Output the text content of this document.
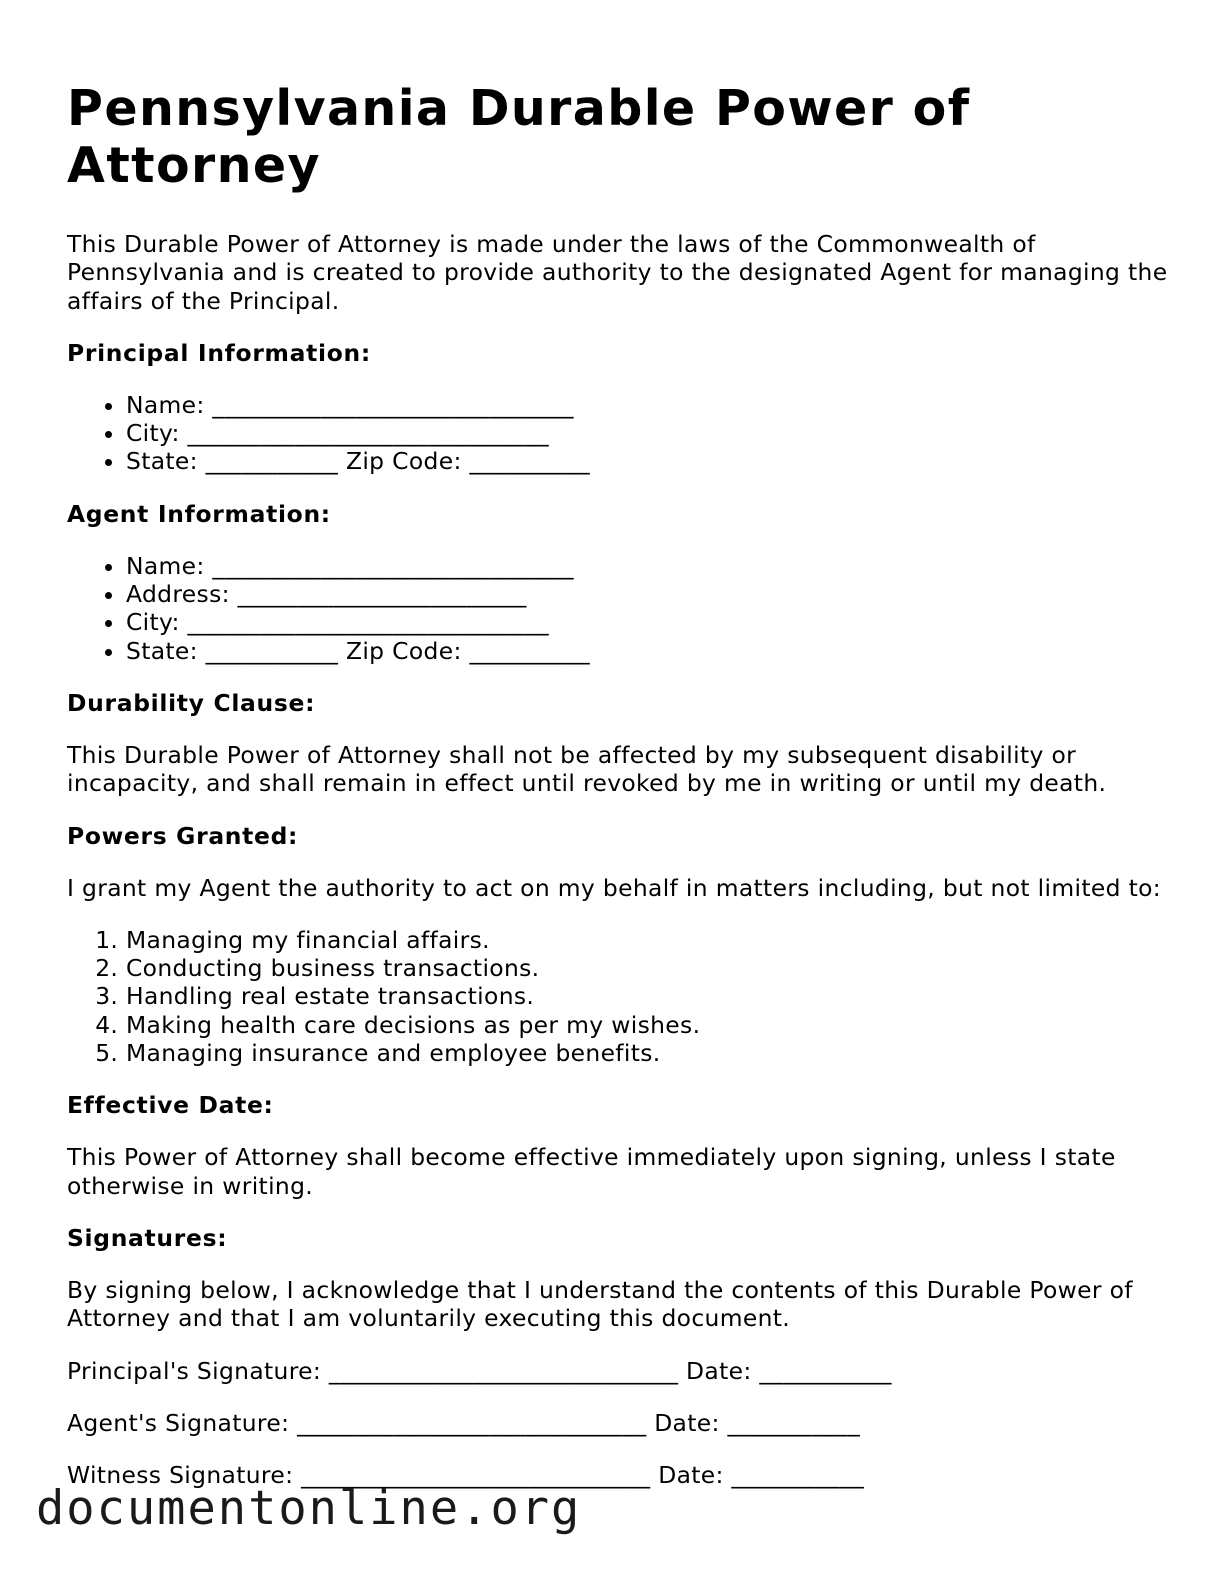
Pennsylvania Durable Power of Attorney

This Durable Power of Attorney is made under the laws of the Commonwealth of Pennsylvania and is created to provide authority to the designated Agent for managing the affairs of the Principal.

Principal Information:
• Name: ______________________________
• City: ______________________________
• State: ___________ Zip Code: __________
Agent Information:
• Name: ______________________________
• Address: ________________________
• City: ______________________________
• State: ___________ Zip Code: __________
Durability Clause:

This Durable Power of Attorney shall not be affected by my subsequent disability or incapacity, and shall remain in effect until revoked by me in writing or until my death.

Powers Granted:

I grant my Agent the authority to act on my behalf in matters including, but not limited to:

1. Managing my financial affairs.
2. Conducting business transactions.
3. Handling real estate transactions.
4. Making health care decisions as per my wishes.
5. Managing insurance and employee benefits.
Effective Date:

This Power of Attorney shall become effective immediately upon signing, unless I state otherwise in writing.

Signatures:

By signing below, I acknowledge that I understand the contents of this Durable Power of Attorney and that I am voluntarily executing this document.

Principal's Signature: _____________________________ Date: ___________
Agent's Signature: _____________________________ Date: ___________
Witness Signature: _____________________________ Date: ___________
documentonline.org
